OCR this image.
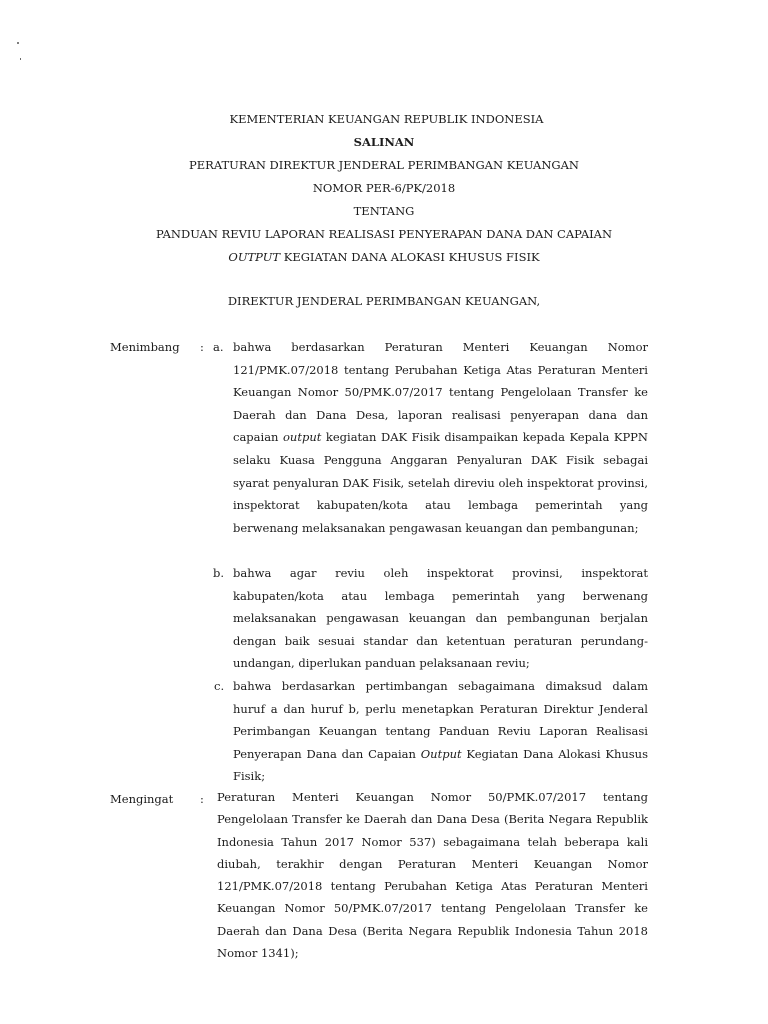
KEMENTERIAN KEUANGAN REPUBLIK INDONESIA
SALINAN
PERATURAN DIREKTUR JENDERAL PERIMBANGAN KEUANGAN
NOMOR PER-6/PK/2018
TENTANG
PANDUAN REVIU LAPORAN REALISASI PENYERAPAN DANA DAN CAPAIAN
OUTPUT KEGIATAN DANA ALOKASI KHUSUS FISIK
DIREKTUR JENDERAL PERIMBANGAN KEUANGAN,
Menimbang : a. bahwa berdasarkan Peraturan Menteri Keuangan Nomor 121/PMK.07/2018 tentang Perubahan Ketiga Atas Peraturan Menteri Keuangan Nomor 50/PMK.07/2017 tentang Pengelolaan Transfer ke Daerah dan Dana Desa, laporan realisasi penyerapan dana dan capaian output kegiatan DAK Fisik disampaikan kepada Kepala KPPN selaku Kuasa Pengguna Anggaran Penyaluran DAK Fisik sebagai syarat penyaluran DAK Fisik, setelah direviu oleh inspektorat provinsi, inspektorat kabupaten/kota atau lembaga pemerintah yang berwenang melaksanakan pengawasan keuangan dan pembangunan;
b. bahwa agar reviu oleh inspektorat provinsi, inspektorat kabupaten/kota atau lembaga pemerintah yang berwenang melaksanakan pengawasan keuangan dan pembangunan berjalan dengan baik sesuai standar dan ketentuan peraturan perundang-undangan, diperlukan panduan pelaksanaan reviu;
c. bahwa berdasarkan pertimbangan sebagaimana dimaksud dalam huruf a dan huruf b, perlu menetapkan Peraturan Direktur Jenderal Perimbangan Keuangan tentang Panduan Reviu Laporan Realisasi Penyerapan Dana dan Capaian Output Kegiatan Dana Alokasi Khusus Fisik;
Mengingat : Peraturan Menteri Keuangan Nomor 50/PMK.07/2017 tentang Pengelolaan Transfer ke Daerah dan Dana Desa (Berita Negara Republik Indonesia Tahun 2017 Nomor 537) sebagaimana telah beberapa kali diubah, terakhir dengan Peraturan Menteri Keuangan Nomor 121/PMK.07/2018 tentang Perubahan Ketiga Atas Peraturan Menteri Keuangan Nomor 50/PMK.07/2017 tentang Pengelolaan Transfer ke Daerah dan Dana Desa (Berita Negara Republik Indonesia Tahun 2018 Nomor 1341);
